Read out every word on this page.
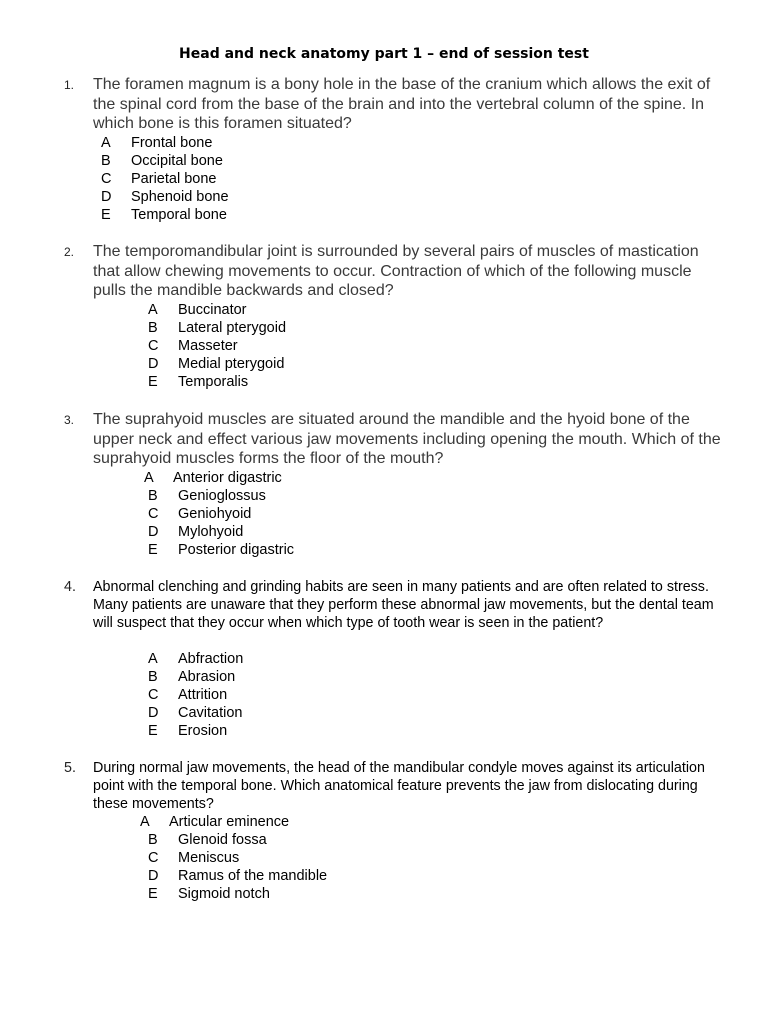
Head and neck anatomy part 1 – end of session test
1. The foramen magnum is a bony hole in the base of the cranium which allows the exit of the spinal cord from the base of the brain and into the vertebral column of the spine. In which bone is this foramen situated?
A Frontal bone
B Occipital bone
C Parietal bone
D Sphenoid bone
E Temporal bone
2. The temporomandibular joint is surrounded by several pairs of muscles of mastication that allow chewing movements to occur. Contraction of which of the following muscle pulls the mandible backwards and closed?
A Buccinator
B Lateral pterygoid
C Masseter
D Medial pterygoid
E Temporalis
3. The suprahyoid muscles are situated around the mandible and the hyoid bone of the upper neck and effect various jaw movements including opening the mouth. Which of the suprahyoid muscles forms the floor of the mouth?
A Anterior digastric
B Genioglossus
C Geniohyoid
D Mylohyoid
E Posterior digastric
4. Abnormal clenching and grinding habits are seen in many patients and are often related to stress. Many patients are unaware that they perform these abnormal jaw movements, but the dental team will suspect that they occur when which type of tooth wear is seen in the patient?
A Abfraction
B Abrasion
C Attrition
D Cavitation
E Erosion
5. During normal jaw movements, the head of the mandibular condyle moves against its articulation point with the temporal bone. Which anatomical feature prevents the jaw from dislocating during these movements?
A Articular eminence
B Glenoid fossa
C Meniscus
D Ramus of the mandible
E Sigmoid notch
